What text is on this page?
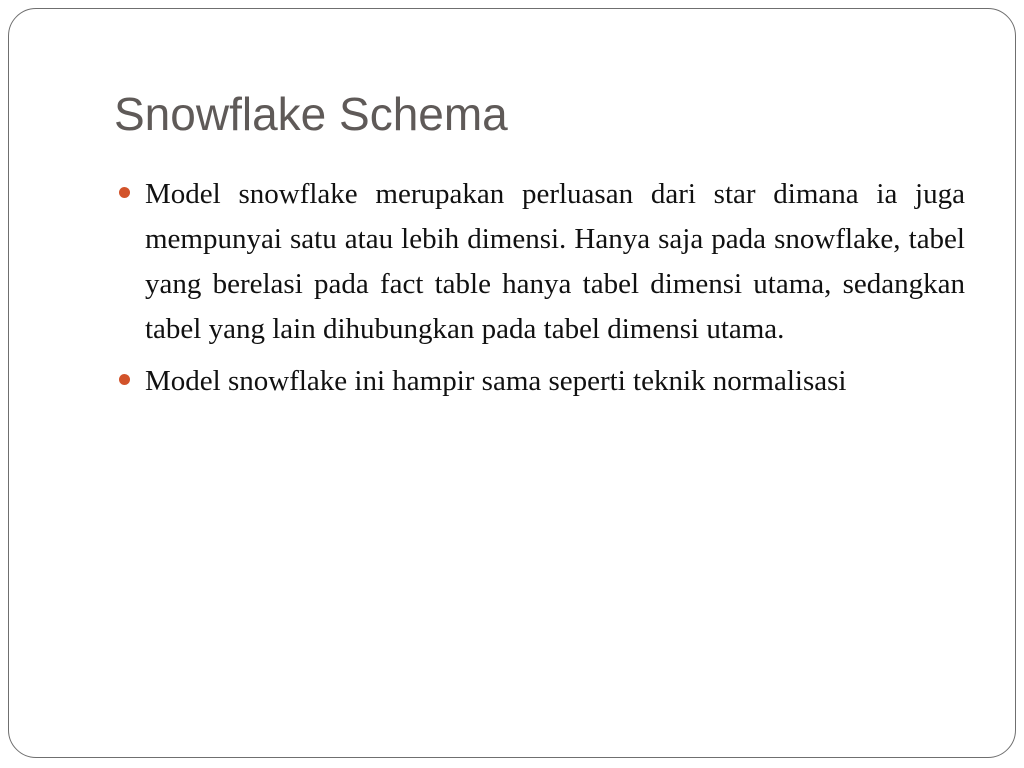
Snowflake Schema
Model snowflake merupakan perluasan dari star dimana ia juga mempunyai satu atau lebih dimensi. Hanya saja pada snowflake, tabel yang berelasi pada fact table hanya tabel dimensi utama, sedangkan tabel yang lain dihubungkan pada tabel dimensi utama.
Model snowflake ini hampir sama seperti teknik normalisasi
